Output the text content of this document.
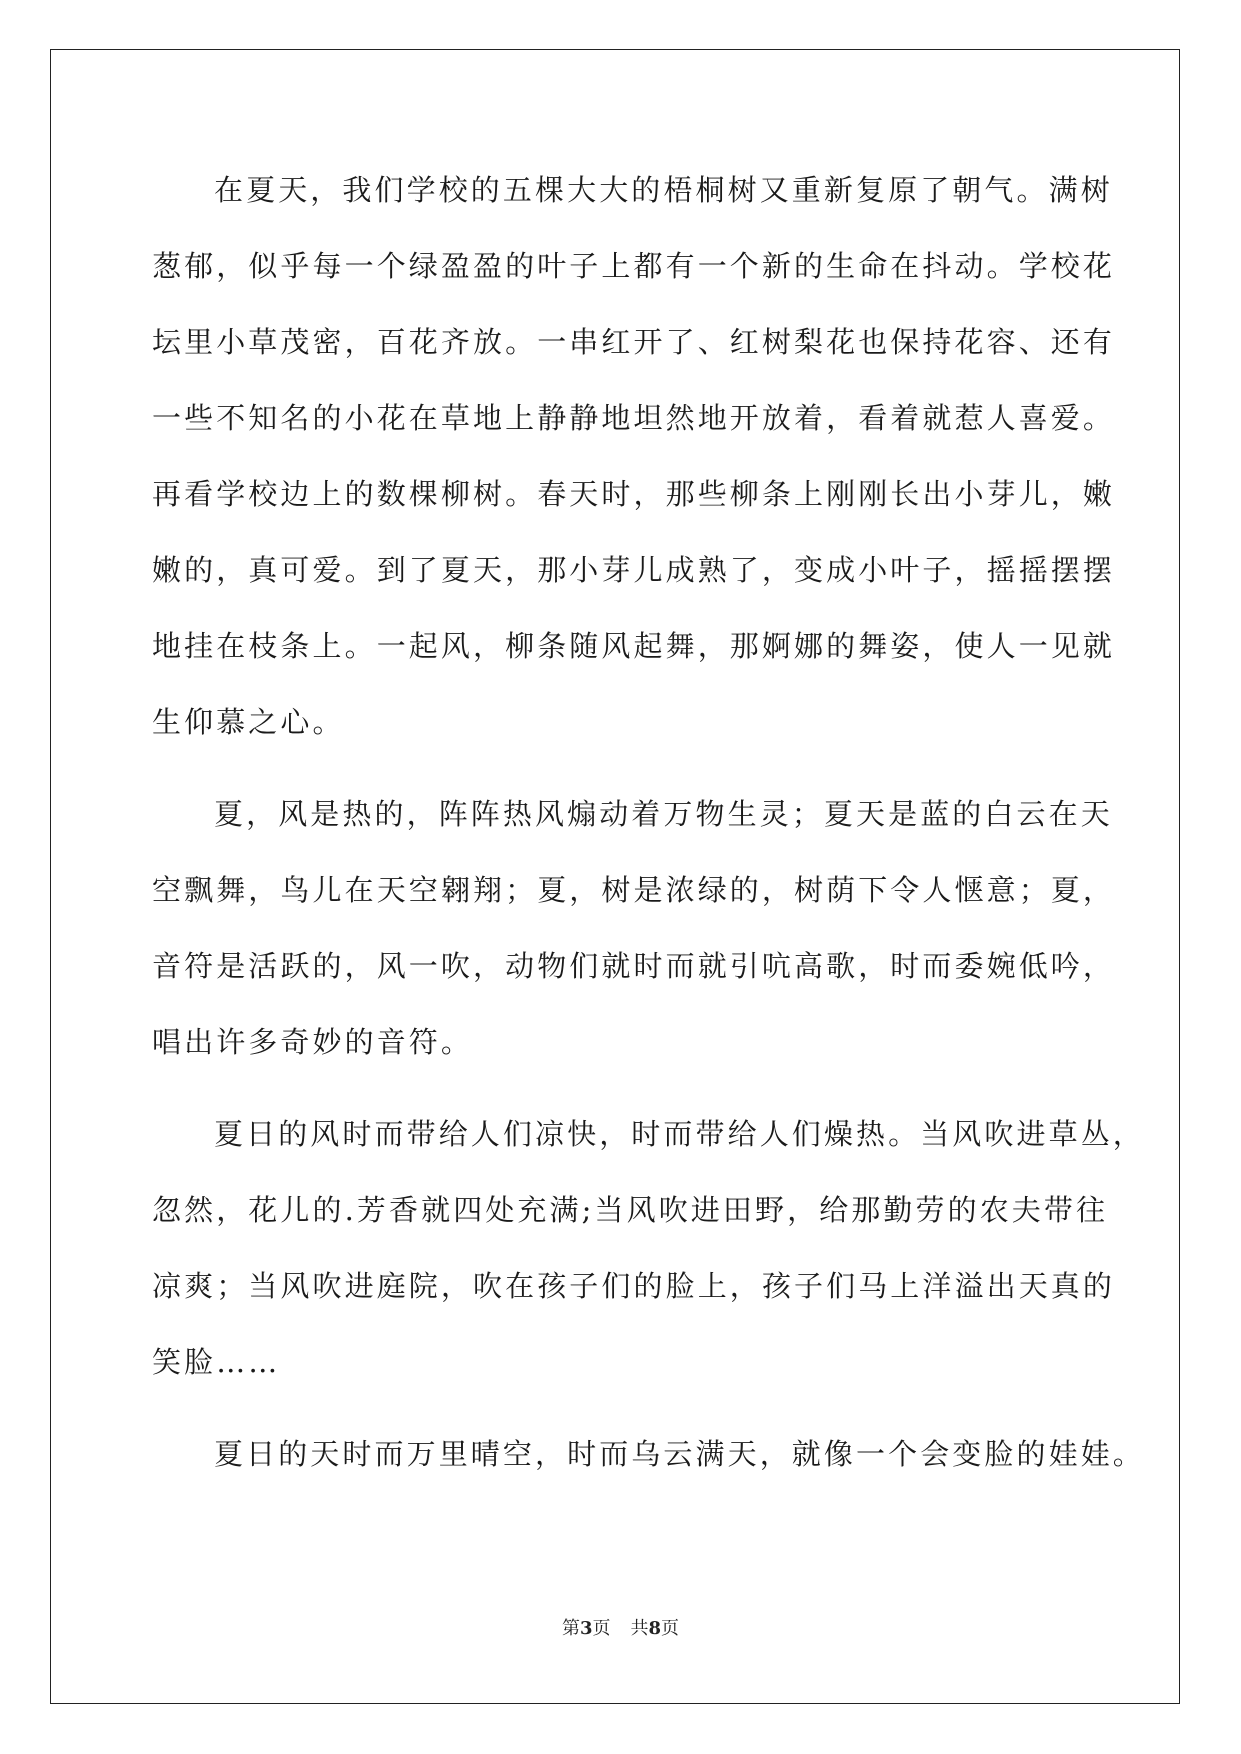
在夏天，我们学校的五棵大大的梧桐树又重新复原了朝气。满树
葱郁，似乎每一个绿盈盈的叶子上都有一个新的生命在抖动。学校花
坛里小草茂密，百花齐放。一串红开了、红树梨花也保持花容、还有
一些不知名的小花在草地上静静地坦然地开放着，看着就惹人喜爱。
再看学校边上的数棵柳树。春天时，那些柳条上刚刚长出小芽儿，嫩
嫩的，真可爱。到了夏天，那小芽儿成熟了，变成小叶子，摇摇摆摆
地挂在枝条上。一起风，柳条随风起舞，那婀娜的舞姿，使人一见就
生仰慕之心。
夏，风是热的，阵阵热风煽动着万物生灵；夏天是蓝的白云在天
空飘舞，鸟儿在天空翱翔；夏，树是浓绿的，树荫下令人惬意；夏，
音符是活跃的，风一吹，动物们就时而就引吭高歌，时而委婉低吟，
唱出许多奇妙的音符。
夏日的风时而带给人们凉快，时而带给人们燥热。当风吹进草丛，
忽然，花儿的.芳香就四处充满;当风吹进田野，给那勤劳的农夫带往
凉爽；当风吹进庭院，吹在孩子们的脸上，孩子们马上洋溢出天真的
笑脸……
夏日的天时而万里晴空，时而乌云满天，就像一个会变脸的娃娃。
第3页 共8页
